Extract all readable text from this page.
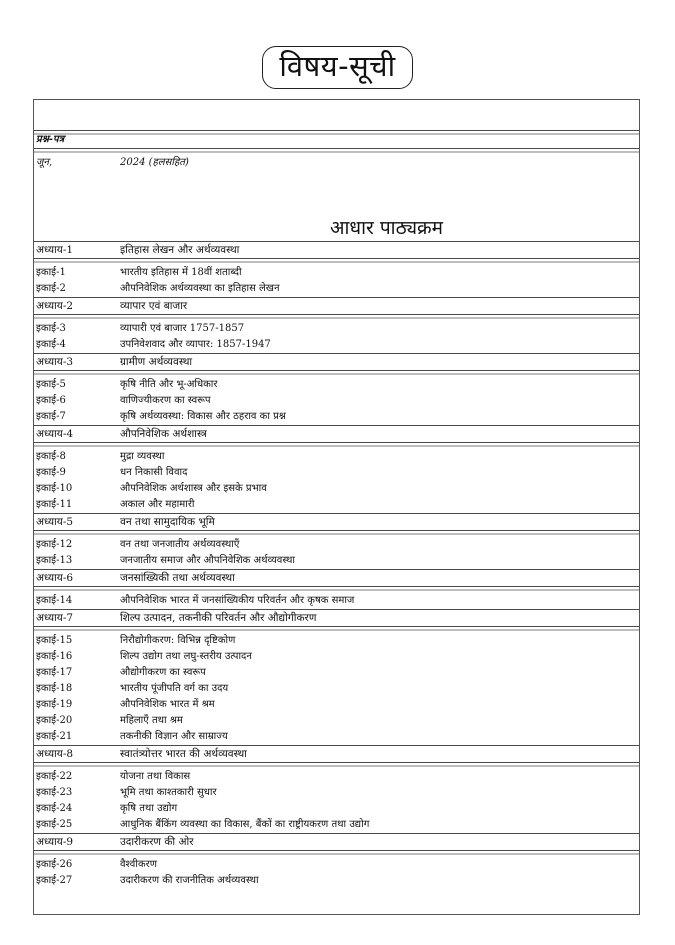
विषय-सूची
प्रश्न-पत्र
जून,	2024 (हलसहित)
आधार पाठ्यक्रम
अध्याय-1	इतिहास लेखन और अर्थव्यवस्था
इकाई-1	भारतीय इतिहास में 18वीं शताब्दी
इकाई-2	औपनिवेशिक अर्थव्यवस्था का इतिहास लेखन
अध्याय-2	व्यापार एवं बाजार
इकाई-3	व्यापारी एवं बाजार 1757-1857
इकाई-4	उपनिवेशवाद और व्यापार: 1857-1947
अध्याय-3	ग्रामीण अर्थव्यवस्था
इकाई-5	कृषि नीति और भू-अधिकार
इकाई-6	वाणिज्यीकरण का स्वरूप
इकाई-7	कृषि अर्थव्यवस्था: विकास और ठहराव का प्रश्न
अध्याय-4	औपनिवेशिक अर्थशास्त्र
इकाई-8	मुद्रा व्यवस्था
इकाई-9	धन निकासी विवाद
इकाई-10	औपनिवेशिक अर्थशास्त्र और इसके प्रभाव
इकाई-11	अकाल और महामारी
अध्याय-5	वन तथा सामुदायिक भूमि
इकाई-12	वन तथा जनजातीय अर्थव्यवस्थाएँ
इकाई-13	जनजातीय समाज और औपनिवेशिक अर्थव्यवस्था
अध्याय-6	जनसांख्यिकी तथा अर्थव्यवस्था
इकाई-14	औपनिवेशिक भारत में जनसांख्यिकीय परिवर्तन और कृषक समाज
अध्याय-7	शिल्प उत्पादन, तकनीकी परिवर्तन और औद्योगीकरण
इकाई-15	निरौद्योगीकरण: विभिन्न दृष्टिकोण
इकाई-16	शिल्प उद्योग तथा लघु-स्तरीय उत्पादन
इकाई-17	औद्योगीकरण का स्वरूप
इकाई-18	भारतीय पूंजीपति वर्ग का उदय
इकाई-19	औपनिवेशिक भारत में श्रम
इकाई-20	महिलाएँ तथा श्रम
इकाई-21	तकनीकी विज्ञान और साम्राज्य
अध्याय-8	स्वातंत्र्योत्तर भारत की अर्थव्यवस्था
इकाई-22	योजना तथा विकास
इकाई-23	भूमि तथा काश्तकारी सुधार
इकाई-24	कृषि तथा उद्योग
इकाई-25	आधुनिक बैंकिंग व्यवस्था का विकास, बैंकों का राष्ट्रीयकरण तथा उद्योग
अध्याय-9	उदारीकरण की ओर
इकाई-26	वैश्वीकरण
इकाई-27	उदारीकरण की राजनीतिक अर्थव्यवस्था
